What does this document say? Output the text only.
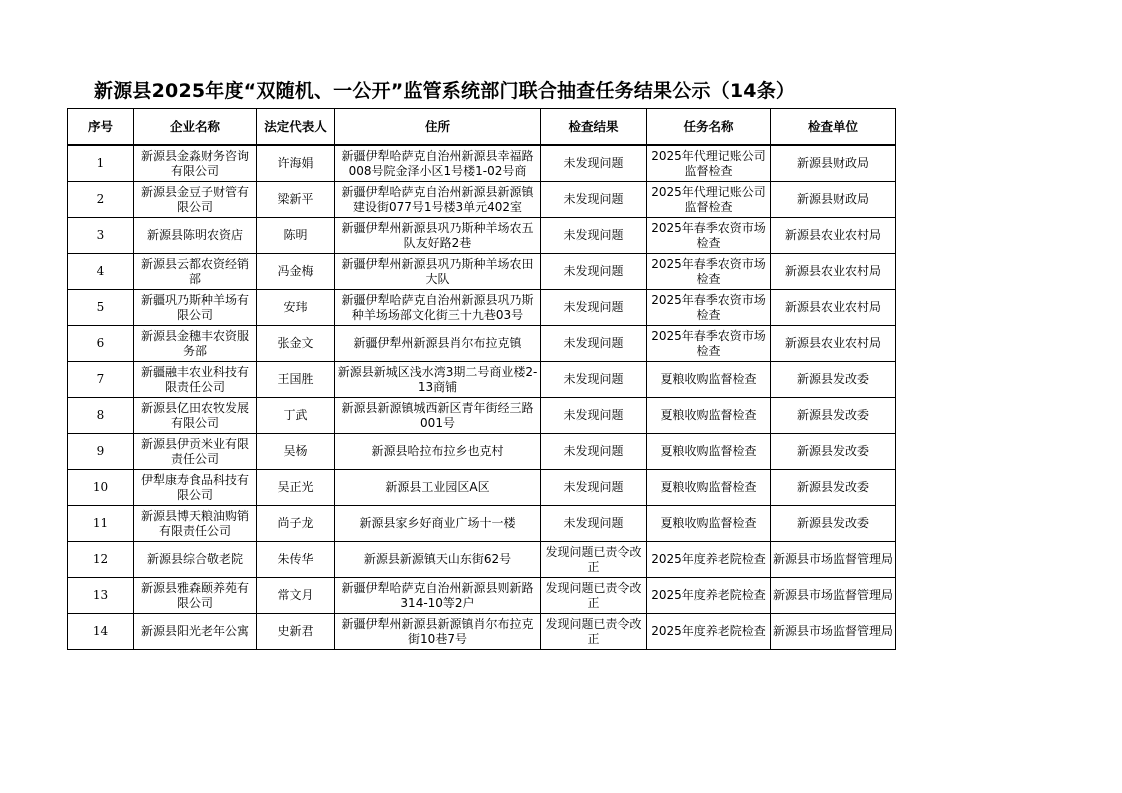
新源县2025年度“双随机、一公开”监管系统部门联合抽查任务结果公示（14条）
序号	企业名称	法定代表人	住所	检查结果	任务名称	检查单位
1	新源县金淼财务咨询有限公司	许海娟	新疆伊犁哈萨克自治州新源县幸福路008号院金泽小区1号楼1-02号商	未发现问题	2025年代理记账公司监督检查	新源县财政局
2	新源县金豆子财管有限公司	梁新平	新疆伊犁哈萨克自治州新源县新源镇建设街077号1号楼3单元402室	未发现问题	2025年代理记账公司监督检查	新源县财政局
3	新源县陈明农资店	陈明	新疆伊犁州新源县巩乃斯种羊场农五队友好路2巷	未发现问题	2025年春季农资市场检查	新源县农业农村局
4	新源县云都农资经销部	冯金梅	新疆伊犁州新源县巩乃斯种羊场农田大队	未发现问题	2025年春季农资市场检查	新源县农业农村局
5	新疆巩乃斯种羊场有限公司	安玮	新疆伊犁哈萨克自治州新源县巩乃斯种羊场场部文化街三十九巷03号	未发现问题	2025年春季农资市场检查	新源县农业农村局
6	新源县金穗丰农资服务部	张金文	新疆伊犁州新源县肖尔布拉克镇	未发现问题	2025年春季农资市场检查	新源县农业农村局
7	新疆融丰农业科技有限责任公司	王国胜	新源县新城区浅水湾3期二号商业楼2-13商铺	未发现问题	夏粮收购监督检查	新源县发改委
8	新源县亿田农牧发展有限公司	丁武	新源县新源镇城西新区青年街经三路001号	未发现问题	夏粮收购监督检查	新源县发改委
9	新源县伊贡米业有限责任公司	吴杨	新源县哈拉布拉乡也克村	未发现问题	夏粮收购监督检查	新源县发改委
10	伊犁康寿食品科技有限公司	吴正光	新源县工业园区A区	未发现问题	夏粮收购监督检查	新源县发改委
11	新源县博天粮油购销有限责任公司	尚子龙	新源县家乡好商业广场十一楼	未发现问题	夏粮收购监督检查	新源县发改委
12	新源县综合敬老院	朱传华	新源县新源镇天山东街62号	发现问题已责令改正	2025年度养老院检查	新源县市场监督管理局
13	新源县雅森颐养苑有限公司	常文月	新疆伊犁哈萨克自治州新源县则新路314-10等2户	发现问题已责令改正	2025年度养老院检查	新源县市场监督管理局
14	新源县阳光老年公寓	史新君	新疆伊犁州新源县新源镇肖尔布拉克街10巷7号	发现问题已责令改正	2025年度养老院检查	新源县市场监督管理局
